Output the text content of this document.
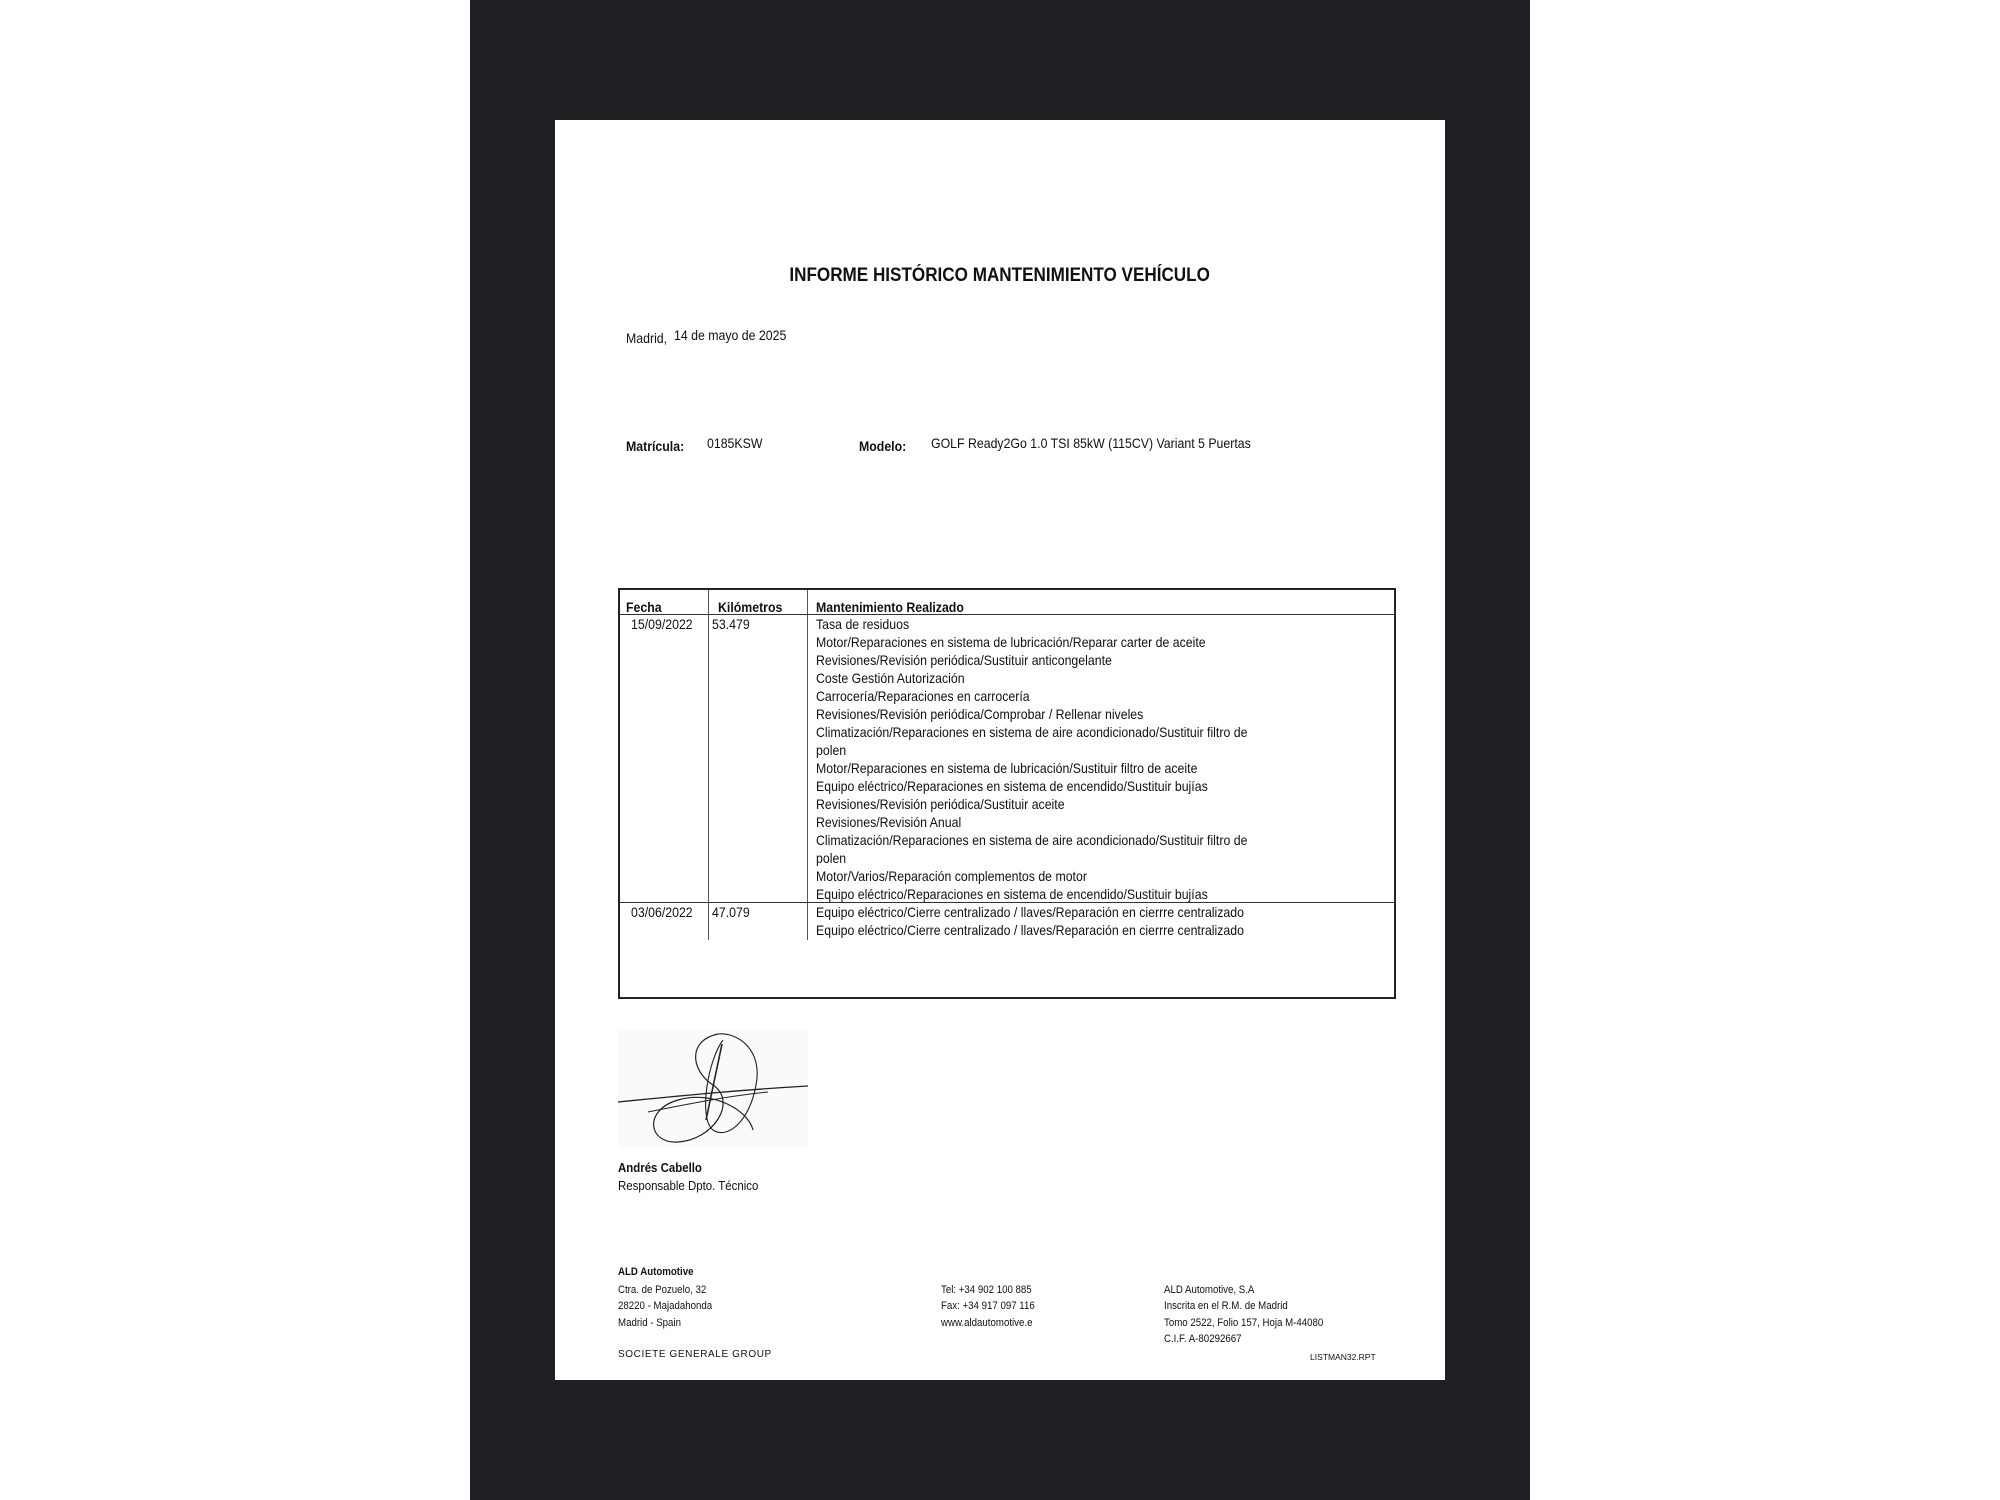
INFORME HISTÓRICO MANTENIMIENTO VEHÍCULO
Madrid, 14 de mayo de 2025
Matrícula:	0185KSW	Modelo:	GOLF Ready2Go 1.0 TSI 85kW (115CV) Variant 5 Puertas
Fecha	Kilómetros	Mantenimiento Realizado
15/09/2022	53.479	Tasa de residuos
Motor/Reparaciones en sistema de lubricación/Reparar carter de aceite
Revisiones/Revisión periódica/Sustituir anticongelante
Coste Gestión Autorización
Carrocería/Reparaciones en carrocería
Revisiones/Revisión periódica/Comprobar / Rellenar niveles
Climatización/Reparaciones en sistema de aire acondicionado/Sustituir filtro de
polen
Motor/Reparaciones en sistema de lubricación/Sustituir filtro de aceite
Equipo eléctrico/Reparaciones en sistema de encendido/Sustituir bujías
Revisiones/Revisión periódica/Sustituir aceite
Revisiones/Revisión Anual
Climatización/Reparaciones en sistema de aire acondicionado/Sustituir filtro de
polen
Motor/Varios/Reparación complementos de motor
Equipo eléctrico/Reparaciones en sistema de encendido/Sustituir bujías
03/06/2022	47.079	Equipo eléctrico/Cierre centralizado / llaves/Reparación en cierrre centralizado
Equipo eléctrico/Cierre centralizado / llaves/Reparación en cierrre centralizado
Andrés Cabello
Responsable Dpto. Técnico
ALD Automotive
Ctra. de Pozuelo, 32
28220 - Majadahonda
Madrid - Spain
Tel: +34 902 100 885
Fax: +34 917 097 116
www.aldautomotive.e
ALD Automotive, S.A
Inscrita en el R.M. de Madrid
Tomo 2522, Folio 157, Hoja M-44080
C.I.F. A-80292667
SOCIETE GENERALE GROUP	LISTMAN32.RPT
